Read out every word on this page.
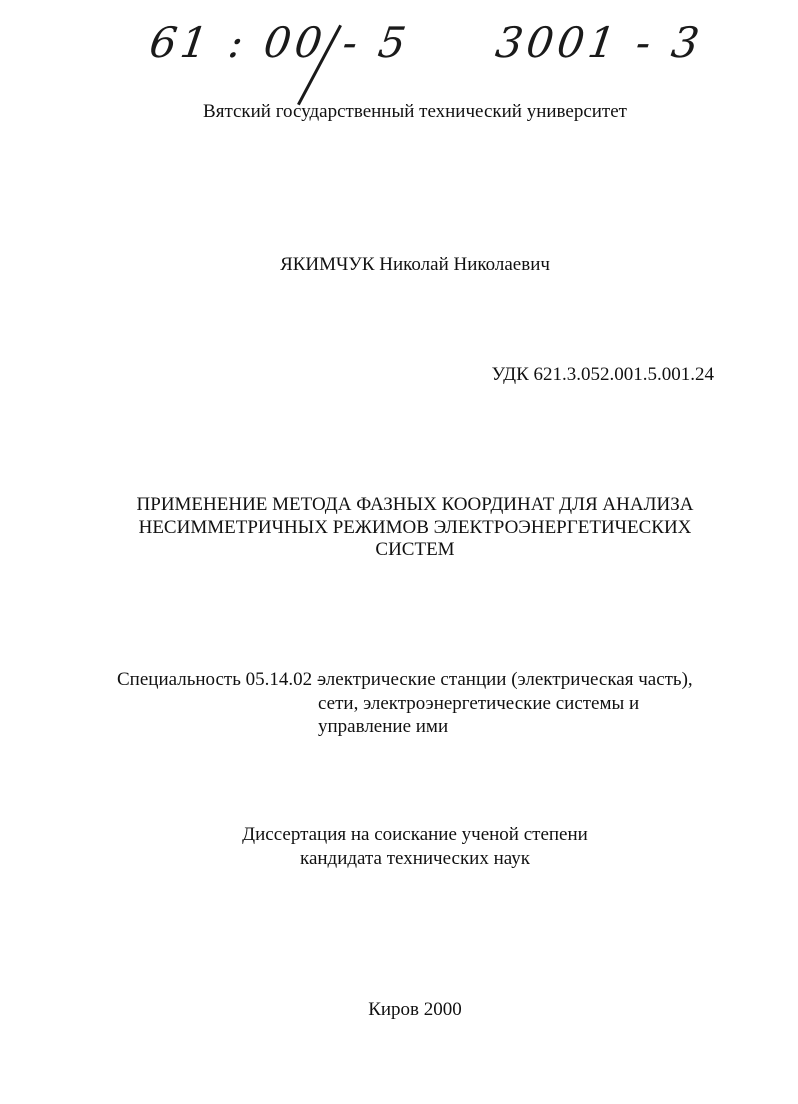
61 : 00 - 5     3001 - 3
Вятский государственный технический университет
ЯКИМЧУК Николай Николаевич
УДК 621.3.052.001.5.001.24
ПРИМЕНЕНИЕ МЕТОДА ФАЗНЫХ КООРДИНАТ ДЛЯ АНАЛИЗА
НЕСИММЕТРИЧНЫХ РЕЖИМОВ ЭЛЕКТРОЭНЕРГЕТИЧЕСКИХ
СИСТЕМ
Специальность 05.14.02 -
электрические станции (электрическая часть),
сети, электроэнергетические системы и
управление ими
Диссертация на соискание ученой степени
кандидата технических наук
Киров 2000
